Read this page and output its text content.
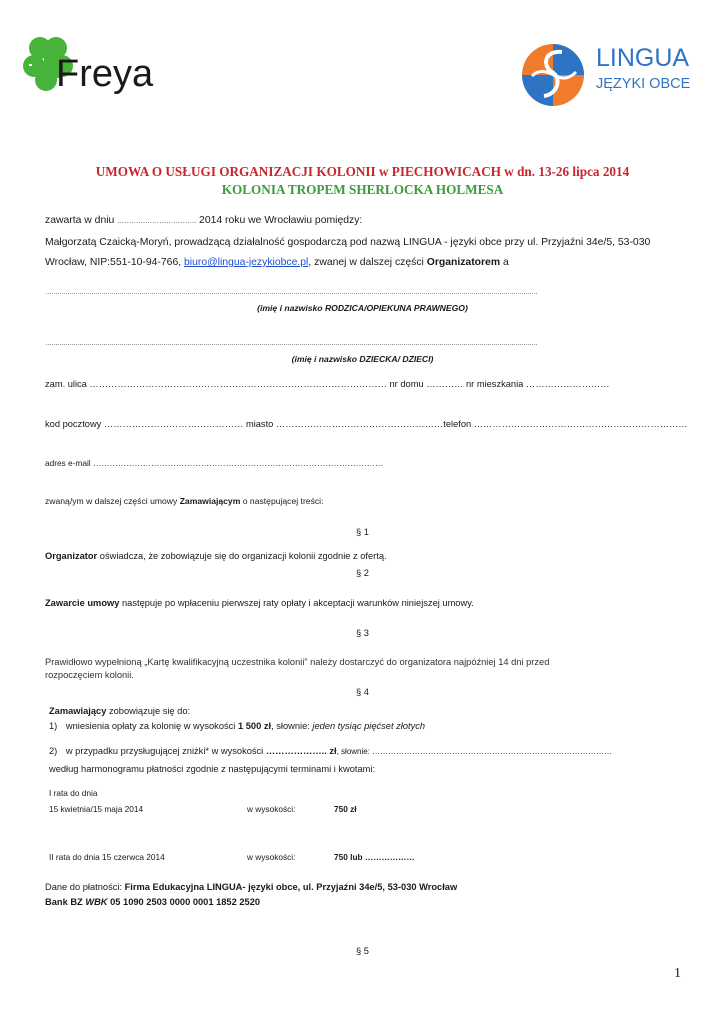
Freya	LINGUA
JĘZYKI OBCE
UMOWA O USŁUGI ORGANIZACJI KOLONII w PIECHOWICACH w dn. 13-26 lipca 2014
KOLONIA TROPEM SHERLOCKA HOLMESA
zawarta w dniu ……………………………. 2014 roku we Wrocławiu pomiędzy:
Małgorzatą Czaicką-Moryń, prowadzącą działalność gospodarczą pod nazwą LINGUA - języki obce przy ul. Przyjaźni 34e/5, 53-030
Wrocław, NIP:551-10-94-766, biuro@lingua-jezykiobce.pl, zwanej w dalszej części Organizatorem a
…………………………………………………………………………………………………………………………………………………………………………………………………………………………
(imię i nazwisko RODZICA/OPIEKUNA PRAWNEGO)
…………………………………………………………………………………………………………………………………………………………………………………………………………………………
(imię i nazwisko DZIECKA/ DZIECI)
zam. ulica …………………………………………………………………………………… nr domu ………… nr mieszkania ………………………
kod pocztowy ……………………………………… miasto ………………………………………………telefon ……………………………………………………………
adres e-mail ……………………………………………………………………………………………
zwaną/ym w dalszej części umowy Zamawiającym o następującej treści:
§ 1
Organizator oświadcza, że zobowiązuje się do organizacji kolonii zgodnie z ofertą.
§ 2
Zawarcie umowy następuje po wpłaceniu pierwszej raty opłaty i akceptacji warunków niniejszej umowy.
§ 3
Prawidłowo wypełnioną „Kartę kwalifikacyjną uczestnika kolonii” należy dostarczyć do organizatora najpóźniej 14 dni przed
rozpoczęciem kolonii.
§ 4
Zamawiający zobowiązuje się do:
1) wniesienia opłaty za kolonię w wysokości 1 500 zł, słownie: jeden tysiąc pięćset złotych
2) w przypadku przysługującej zniżki* w wysokości ……………….. zł, słownie: ………………………………………………………………………………
według harmonogramu płatności zgodnie z następującymi terminami i kwotami:
I rata do dnia
15 kwietnia/15 maja 2014	w wysokości:	750 zł
II rata do dnia 15 czerwca 2014	w wysokości:	750 lub ………………
Dane do płatności: Firma Edukacyjna LINGUA- języki obce, ul. Przyjaźni 34e/5, 53-030 Wrocław
Bank BZ WBK 05 1090 2503 0000 0001 1852 2520
§ 5
1
